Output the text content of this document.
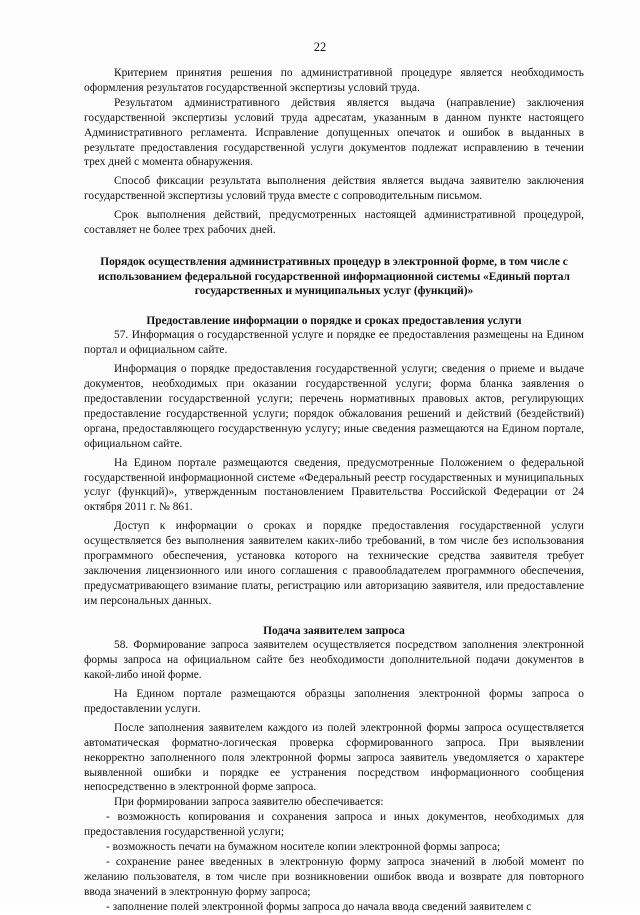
22

Критерием принятия решения по административной процедуре является необходимость оформления результатов государственной экспертизы условий труда.

Результатом административного действия является выдача (направление) заключения государственной экспертизы условий труда адресатам, указанным в данном пункте настоящего Административного регламента. Исправление допущенных опечаток и ошибок в выданных в результате предоставления государственной услуги документов подлежат исправлению в течении трех дней с момента обнаружения.

Способ фиксации результата выполнения действия является выдача заявителю заключения государственной экспертизы условий труда вместе с сопроводительным письмом.

Срок выполнения действий, предусмотренных настоящей административной процедурой, составляет не более трех рабочих дней.

Порядок осуществления административных процедур в электронной форме, в том числе с использованием федеральной государственной информационной системы «Единый портал государственных и муниципальных услуг (функций)»

Предоставление информации о порядке и сроках предоставления услуги

57. Информация о государственной услуге и порядке ее предоставления размещены на Едином портал и официальном сайте.

Информация о порядке предоставления государственной услуги; сведения о приеме и выдаче документов, необходимых при оказании государственной услуги; форма бланка заявления о предоставлении государственной услуги; перечень нормативных правовых актов, регулирующих предоставление государственной услуги; порядок обжалования решений и действий (бездействий) органа, предоставляющего государственную услугу; иные сведения размещаются на Едином портале, официальном сайте.

На Едином портале размещаются сведения, предусмотренные Положением о федеральной государственной информационной системе «Федеральный реестр государственных и муниципальных услуг (функций)», утвержденным постановлением Правительства Российской Федерации от 24 октября 2011 г. № 861.

Доступ к информации о сроках и порядке предоставления государственной услуги осуществляется без выполнения заявителем каких-либо требований, в том числе без использования программного обеспечения, установка которого на технические средства заявителя требует заключения лицензионного или иного соглашения с правообладателем программного обеспечения, предусматривающего взимание платы, регистрацию или авторизацию заявителя, или предоставление им персональных данных.

Подача заявителем запроса

58. Формирование запроса заявителем осуществляется посредством заполнения электронной формы запроса на официальном сайте без необходимости дополнительной подачи документов в какой-либо иной форме.

На Едином портале размещаются образцы заполнения электронной формы запроса о предоставлении услуги.

После заполнения заявителем каждого из полей электронной формы запроса осуществляется автоматическая форматно-логическая проверка сформированного запроса. При выявлении некорректно заполненного поля электронной формы запроса заявитель уведомляется о характере выявленной ошибки и порядке ее устранения посредством информационного сообщения непосредственно в электронной форме запроса.

При формировании запроса заявителю обеспечивается:

- возможность копирования и сохранения запроса и иных документов, необходимых для предоставления государственной услуги;

- возможность печати на бумажном носителе копии электронной формы запроса;

- сохранение ранее введенных в электронную форму запроса значений в любой момент по желанию пользователя, в том числе при возникновении ошибок ввода и возврате для повторного ввода значений в электронную форму запроса;

- заполнение полей электронной формы запроса до начала ввода сведений заявителем с
